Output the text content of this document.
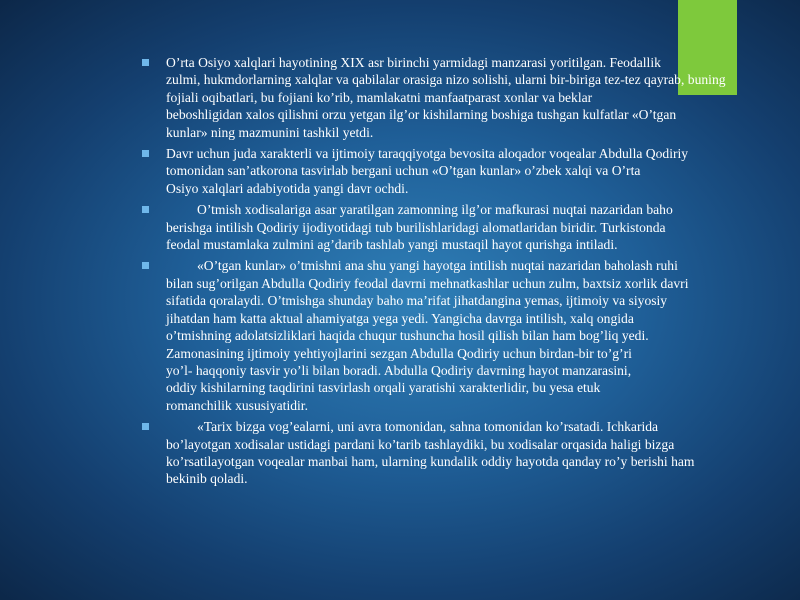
O’rta Osiyo xalqlari hayotining XIX asr birinchi yarmidagi manzarasi yoritilgan. Feodallik
zulmi, hukmdorlarning xalqlar va qabilalar orasiga nizo solishi, ularni bir-biriga tez-tez qayrab, buning
fojiali oqibatlari, bu fojiani ko’rib, mamlakatni manfaatparast xonlar va beklar
beboshligidan xalos qilishni orzu yetgan ilg’or kishilarning boshiga tushgan kulfatlar «O’tgan
kunlar» ning mazmunini tashkil yetdi.
Davr uchun juda xarakterli va ijtimoiy taraqqiyotga bevosita aloqador voqealar Abdulla Qodiriy
tomonidan san’atkorona tasvirlab bergani uchun «O’tgan kunlar» o’zbek xalqi va O’rta
Osiyo xalqlari adabiyotida yangi davr ochdi.
O’tmish xodisalariga asar yaratilgan zamonning ilg’or mafkurasi nuqtai nazaridan baho
berishga intilish Qodiriy ijodiyotidagi tub burilishlaridagi alomatlaridan biridir. Turkistonda
feodal mustamlaka zulmini ag’darib tashlab yangi mustaqil hayot qurishga intiladi.
«O’tgan kunlar» o’tmishni ana shu yangi hayotga intilish nuqtai nazaridan baholash ruhi
bilan sug’orilgan Abdulla Qodiriy feodal davrni mehnatkashlar uchun zulm, baxtsiz xorlik davri
sifatida qoralaydi. O’tmishga shunday baho ma’rifat jihatdangina yemas, ijtimoiy va siyosiy
jihatdan ham katta aktual ahamiyatga yega yedi. Yangicha davrga intilish, xalq ongida
o’tmishning adolatsizliklari haqida chuqur tushuncha hosil qilish bilan ham bog’liq yedi.
Zamonasining ijtimoiy yehtiyojlarini sezgan Abdulla Qodiriy uchun birdan-bir to’g’ri
yo’l- haqqoniy tasvir yo’li bilan boradi. Abdulla Qodiriy davrning hayot manzarasini,
oddiy kishilarning taqdirini tasvirlash orqali yaratishi xarakterlidir, bu yesa etuk
romanchilik xususiyatidir.
«Tarix bizga vog’ealarni, uni avra tomonidan, sahna tomonidan ko’rsatadi. Ichkarida
bo’layotgan xodisalar ustidagi pardani ko’tarib tashlaydiki, bu xodisalar orqasida haligi bizga
ko’rsatilayotgan voqealar manbai ham, ularning kundalik oddiy hayotda qanday ro’y berishi ham
bekinib qoladi.
